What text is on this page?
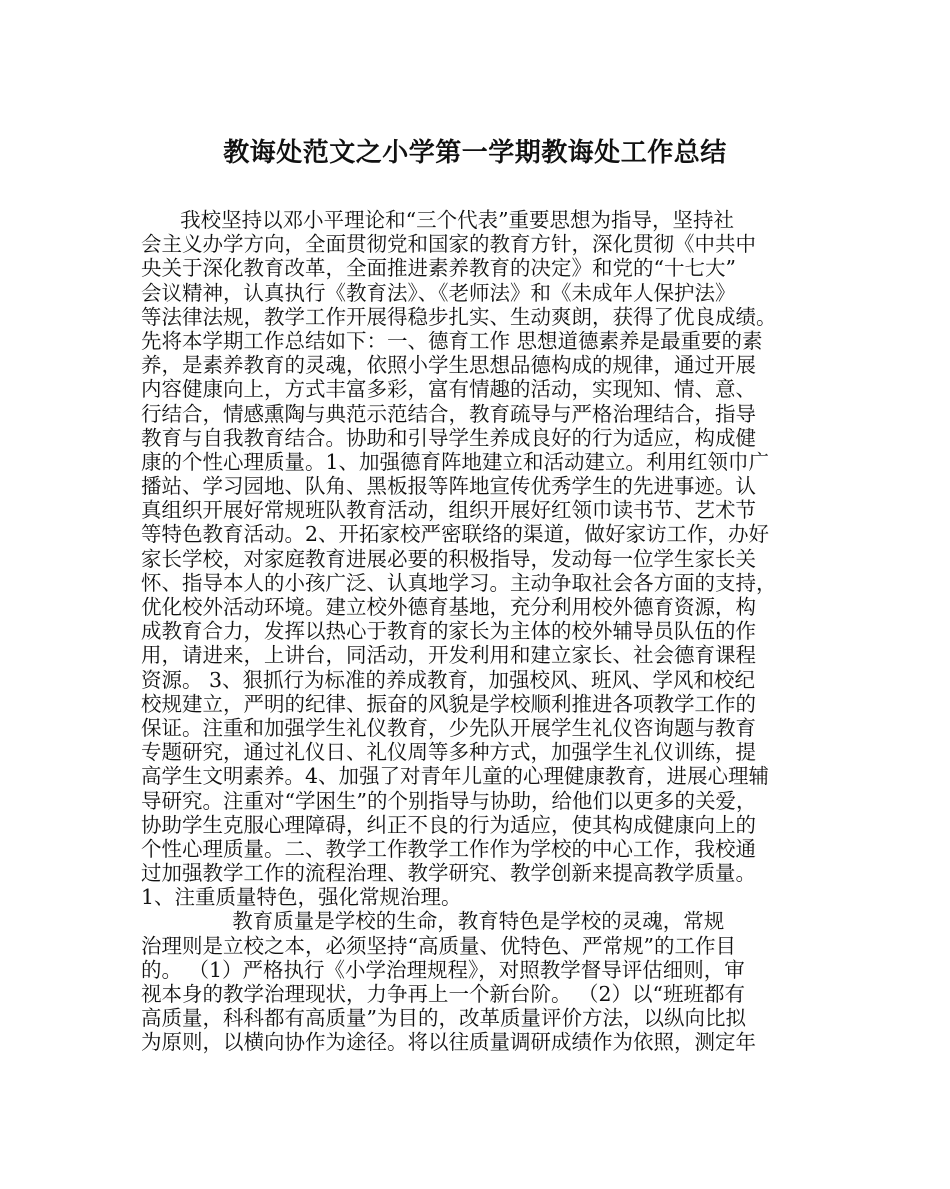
教诲处范文之小学第一学期教诲处工作总结
我校坚持以邓小平理论和“三个代表”重要思想为指导，坚持社
会主义办学方向，全面贯彻党和国家的教育方针，深化贯彻《中共中
央关于深化教育改革，全面推进素养教育的决定》和党的“十七大”
会议精神，认真执行《教育法》、《老师法》和《未成年人保护法》
等法律法规，教学工作开展得稳步扎实、生动爽朗，获得了优良成绩。
先将本学期工作总结如下：一、德育工作 思想道德素养是最重要的素
养，是素养教育的灵魂，依照小学生思想品德构成的规律，通过开展
内容健康向上，方式丰富多彩，富有情趣的活动，实现知、情、意、
行结合，情感熏陶与典范示范结合，教育疏导与严格治理结合，指导
教育与自我教育结合。协助和引导学生养成良好的行为适应，构成健
康的个性心理质量。1、加强德育阵地建立和活动建立。利用红领巾广
播站、学习园地、队角、黑板报等阵地宣传优秀学生的先进事迹。认
真组织开展好常规班队教育活动，组织开展好红领巾读书节、艺术节
等特色教育活动。2、开拓家校严密联络的渠道，做好家访工作，办好
家长学校，对家庭教育进展必要的积极指导，发动每一位学生家长关
怀、指导本人的小孩广泛、认真地学习。主动争取社会各方面的支持，
优化校外活动环境。建立校外德育基地，充分利用校外德育资源，构
成教育合力，发挥以热心于教育的家长为主体的校外辅导员队伍的作
用，请进来，上讲台，同活动，开发利用和建立家长、社会德育课程
资源。 3、狠抓行为标准的养成教育，加强校风、班风、学风和校纪
校规建立，严明的纪律、振奋的风貌是学校顺利推进各项教学工作的
保证。注重和加强学生礼仪教育，少先队开展学生礼仪咨询题与教育
专题研究，通过礼仪日、礼仪周等多种方式，加强学生礼仪训练，提
高学生文明素养。4、加强了对青年儿童的心理健康教育，进展心理辅
导研究。注重对“学困生”的个别指导与协助，给他们以更多的关爱，
协助学生克服心理障碍，纠正不良的行为适应，使其构成健康向上的
个性心理质量。二、教学工作教学工作作为学校的中心工作，我校通
过加强教学工作的流程治理、教学研究、教学创新来提高教学质量。
1、注重质量特色，强化常规治理。
教育质量是学校的生命，教育特色是学校的灵魂，常规
治理则是立校之本，必须坚持“高质量、优特色、严常规”的工作目
的。 （1）严格执行《小学治理规程》，对照教学督导评估细则，审
视本身的教学治理现状，力争再上一个新台阶。 （2）以“班班都有
高质量，科科都有高质量”为目的，改革质量评价方法，以纵向比拟
为原则，以横向协作为途径。将以往质量调研成绩作为依照，测定年
